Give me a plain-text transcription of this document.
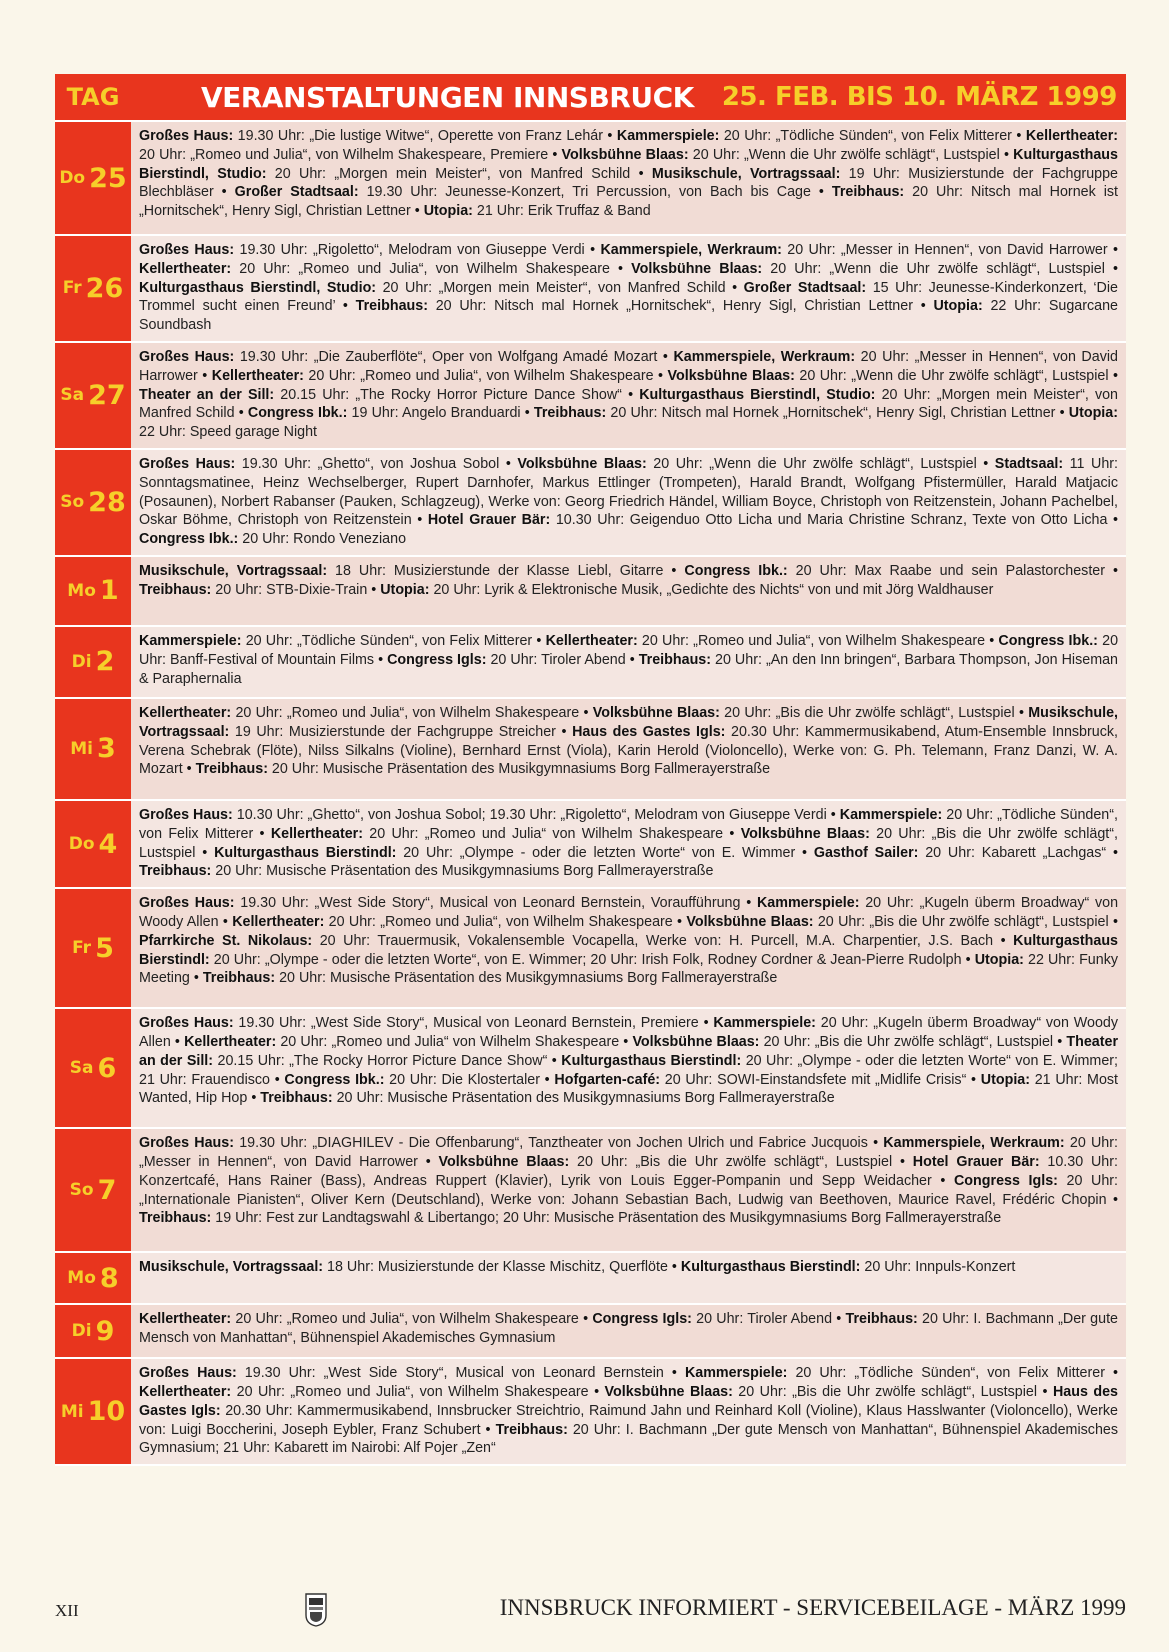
TAG	VERANSTALTUNGEN INNSBRUCK 25. FEB. BIS 10. MÄRZ 1999
Do 25
Großes Haus: 19.30 Uhr: „Die lustige Witwe“, Operette von Franz Lehár • Kammerspiele: 20 Uhr: „Tödliche Sünden“, von Felix Mitterer • Kellertheater: 20 Uhr: „Romeo und Julia“, von Wilhelm Shakespeare, Premiere • Volksbühne Blaas: 20 Uhr: „Wenn die Uhr zwölfe schlägt“, Lustspiel • Kulturgasthaus Bierstindl, Studio: 20 Uhr: „Morgen mein Meister“, von Manfred Schild • Musikschule, Vortragssaal: 19 Uhr: Musizierstunde der Fachgruppe Blechbläser • Großer Stadtsaal: 19.30 Uhr: Jeunesse-Konzert, Tri Percussion, von Bach bis Cage • Treibhaus: 20 Uhr: Nitsch mal Hornek ist „Hornitschek“, Henry Sigl, Christian Lettner • Utopia: 21 Uhr: Erik Truffaz & Band
Fr 26
Großes Haus: 19.30 Uhr: „Rigoletto“, Melodram von Giuseppe Verdi • Kammerspiele, Werkraum: 20 Uhr: „Messer in Hennen“, von David Harrower • Kellertheater: 20 Uhr: „Romeo und Julia“, von Wilhelm Shakespeare • Volksbühne Blaas: 20 Uhr: „Wenn die Uhr zwölfe schlägt“, Lustspiel • Kulturgasthaus Bierstindl, Studio: 20 Uhr: „Morgen mein Meister“, von Manfred Schild • Großer Stadtsaal: 15 Uhr: Jeunesse-Kinderkonzert, ‘Die Trommel sucht einen Freund’ • Treibhaus: 20 Uhr: Nitsch mal Hornek „Hornitschek“, Henry Sigl, Christian Lettner • Utopia: 22 Uhr: Sugarcane Soundbash
Sa 27
Großes Haus: 19.30 Uhr: „Die Zauberflöte“, Oper von Wolfgang Amadé Mozart • Kammerspiele, Werkraum: 20 Uhr: „Messer in Hennen“, von David Harrower • Kellertheater: 20 Uhr: „Romeo und Julia“, von Wilhelm Shakespeare • Volksbühne Blaas: 20 Uhr: „Wenn die Uhr zwölfe schlägt“, Lustspiel • Theater an der Sill: 20.15 Uhr: „The Rocky Horror Picture Dance Show“ • Kulturgasthaus Bierstindl, Studio: 20 Uhr: „Morgen mein Meister“, von Manfred Schild • Congress Ibk.: 19 Uhr: Angelo Branduardi • Treibhaus: 20 Uhr: Nitsch mal Hornek „Hornitschek“, Henry Sigl, Christian Lettner • Utopia: 22 Uhr: Speed garage Night
So 28
Großes Haus: 19.30 Uhr: „Ghetto“, von Joshua Sobol • Volksbühne Blaas: 20 Uhr: „Wenn die Uhr zwölfe schlägt“, Lustspiel • Stadtsaal: 11 Uhr: Sonntagsmatinee, Heinz Wechselberger, Rupert Darnhofer, Markus Ettlinger (Trompeten), Harald Brandt, Wolfgang Pfistermüller, Harald Matjacic (Posaunen), Norbert Rabanser (Pauken, Schlagzeug), Werke von: Georg Friedrich Händel, William Boyce, Christoph von Reitzenstein, Johann Pachelbel, Oskar Böhme, Christoph von Reitzenstein • Hotel Grauer Bär: 10.30 Uhr: Geigenduo Otto Licha und Maria Christine Schranz, Texte von Otto Licha • Congress Ibk.: 20 Uhr: Rondo Veneziano
Mo 1
Musikschule, Vortragssaal: 18 Uhr: Musizierstunde der Klasse Liebl, Gitarre • Congress Ibk.: 20 Uhr: Max Raabe und sein Palastorchester • Treibhaus: 20 Uhr: STB-Dixie-Train • Utopia: 20 Uhr: Lyrik & Elektronische Musik, „Gedichte des Nichts“ von und mit Jörg Waldhauser
Di 2
Kammerspiele: 20 Uhr: „Tödliche Sünden“, von Felix Mitterer • Kellertheater: 20 Uhr: „Romeo und Julia“, von Wilhelm Shakespeare • Congress Ibk.: 20 Uhr: Banff-Festival of Mountain Films • Congress Igls: 20 Uhr: Tiroler Abend • Treibhaus: 20 Uhr: „An den Inn bringen“, Barbara Thompson, Jon Hiseman & Paraphernalia
Mi 3
Kellertheater: 20 Uhr: „Romeo und Julia“, von Wilhelm Shakespeare • Volksbühne Blaas: 20 Uhr: „Bis die Uhr zwölfe schlägt“, Lustspiel • Musikschule, Vortragssaal: 19 Uhr: Musizierstunde der Fachgruppe Streicher • Haus des Gastes Igls: 20.30 Uhr: Kammermusikabend, Atum-Ensemble Innsbruck, Verena Schebrak (Flöte), Nilss Silkalns (Violine), Bernhard Ernst (Viola), Karin Herold (Violoncello), Werke von: G. Ph. Telemann, Franz Danzi, W. A. Mozart • Treibhaus: 20 Uhr: Musische Präsentation des Musikgymnasiums Borg Fallmerayerstraße
Do 4
Großes Haus: 10.30 Uhr: „Ghetto“, von Joshua Sobol; 19.30 Uhr: „Rigoletto“, Melodram von Giuseppe Verdi • Kammerspiele: 20 Uhr: „Tödliche Sünden“, von Felix Mitterer • Kellertheater: 20 Uhr: „Romeo und Julia“ von Wilhelm Shakespeare • Volksbühne Blaas: 20 Uhr: „Bis die Uhr zwölfe schlägt“, Lustspiel • Kulturgasthaus Bierstindl: 20 Uhr: „Olympe - oder die letzten Worte“ von E. Wimmer • Gasthof Sailer: 20 Uhr: Kabarett „Lachgas“ • Treibhaus: 20 Uhr: Musische Präsentation des Musikgymnasiums Borg Fallmerayerstraße
Fr 5
Großes Haus: 19.30 Uhr: „West Side Story“, Musical von Leonard Bernstein, Voraufführung • Kammerspiele: 20 Uhr: „Kugeln überm Broadway“ von Woody Allen • Kellertheater: 20 Uhr: „Romeo und Julia“, von Wilhelm Shakespeare • Volksbühne Blaas: 20 Uhr: „Bis die Uhr zwölfe schlägt“, Lustspiel • Pfarrkirche St. Nikolaus: 20 Uhr: Trauermusik, Vokalensemble Vocapella, Werke von: H. Purcell, M.A. Charpentier, J.S. Bach • Kulturgasthaus Bierstindl: 20 Uhr: „Olympe - oder die letzten Worte“, von E. Wimmer; 20 Uhr: Irish Folk, Rodney Cordner & Jean-Pierre Rudolph • Utopia: 22 Uhr: Funky Meeting • Treibhaus: 20 Uhr: Musische Präsentation des Musikgymnasiums Borg Fallmerayerstraße
Sa 6
Großes Haus: 19.30 Uhr: „West Side Story“, Musical von Leonard Bernstein, Premiere • Kammerspiele: 20 Uhr: „Kugeln überm Broadway“ von Woody Allen • Kellertheater: 20 Uhr: „Romeo und Julia“ von Wilhelm Shakespeare • Volksbühne Blaas: 20 Uhr: „Bis die Uhr zwölfe schlägt“, Lustspiel • Theater an der Sill: 20.15 Uhr: „The Rocky Horror Picture Dance Show“ • Kulturgasthaus Bierstindl: 20 Uhr: „Olympe - oder die letzten Worte“ von E. Wimmer; 21 Uhr: Frauendisco • Congress Ibk.: 20 Uhr: Die Klostertaler • Hofgarten-café: 20 Uhr: SOWI-Einstandsfete mit „Midlife Crisis“ • Utopia: 21 Uhr: Most Wanted, Hip Hop • Treibhaus: 20 Uhr: Musische Präsentation des Musikgymnasiums Borg Fallmerayerstraße
So 7
Großes Haus: 19.30 Uhr: „DIAGHILEV - Die Offenbarung“, Tanztheater von Jochen Ulrich und Fabrice Jucquois • Kammerspiele, Werkraum: 20 Uhr: „Messer in Hennen“, von David Harrower • Volksbühne Blaas: 20 Uhr: „Bis die Uhr zwölfe schlägt“, Lustspiel • Hotel Grauer Bär: 10.30 Uhr: Konzertcafé, Hans Rainer (Bass), Andreas Ruppert (Klavier), Lyrik von Louis Egger-Pompanin und Sepp Weidacher • Congress Igls: 20 Uhr: „Internationale Pianisten“, Oliver Kern (Deutschland), Werke von: Johann Sebastian Bach, Ludwig van Beethoven, Maurice Ravel, Frédéric Chopin • Treibhaus: 19 Uhr: Fest zur Landtagswahl & Libertango; 20 Uhr: Musische Präsentation des Musikgymnasiums Borg Fallmerayerstraße
Mo 8	Musikschule, Vortragssaal: 18 Uhr: Musizierstunde der Klasse Mischitz, Querflöte • Kulturgasthaus Bierstindl: 20 Uhr: Innpuls-Konzert
Di 9	Kellertheater: 20 Uhr: „Romeo und Julia“, von Wilhelm Shakespeare • Congress Igls: 20 Uhr: Tiroler Abend • Treibhaus: 20 Uhr: I. Bachmann „Der gute Mensch von Manhattan“, Bühnenspiel Akademisches Gymnasium
Mi 10
Großes Haus: 19.30 Uhr: „West Side Story“, Musical von Leonard Bernstein • Kammerspiele: 20 Uhr: „Tödliche Sünden“, von Felix Mitterer • Kellertheater: 20 Uhr: „Romeo und Julia“, von Wilhelm Shakespeare • Volksbühne Blaas: 20 Uhr: „Bis die Uhr zwölfe schlägt“, Lustspiel • Haus des Gastes Igls: 20.30 Uhr: Kammermusikabend, Innsbrucker Streichtrio, Raimund Jahn und Reinhard Koll (Violine), Klaus Hasslwanter (Violoncello), Werke von: Luigi Boccherini, Joseph Eybler, Franz Schubert • Treibhaus: 20 Uhr: I. Bachmann „Der gute Mensch von Manhattan“, Bühnenspiel Akademisches Gymnasium; 21 Uhr: Kabarett im Nairobi: Alf Pojer „Zen“
XII	INNSBRUCK INFORMIERT - SERVICEBEILAGE - MÄRZ 1999
